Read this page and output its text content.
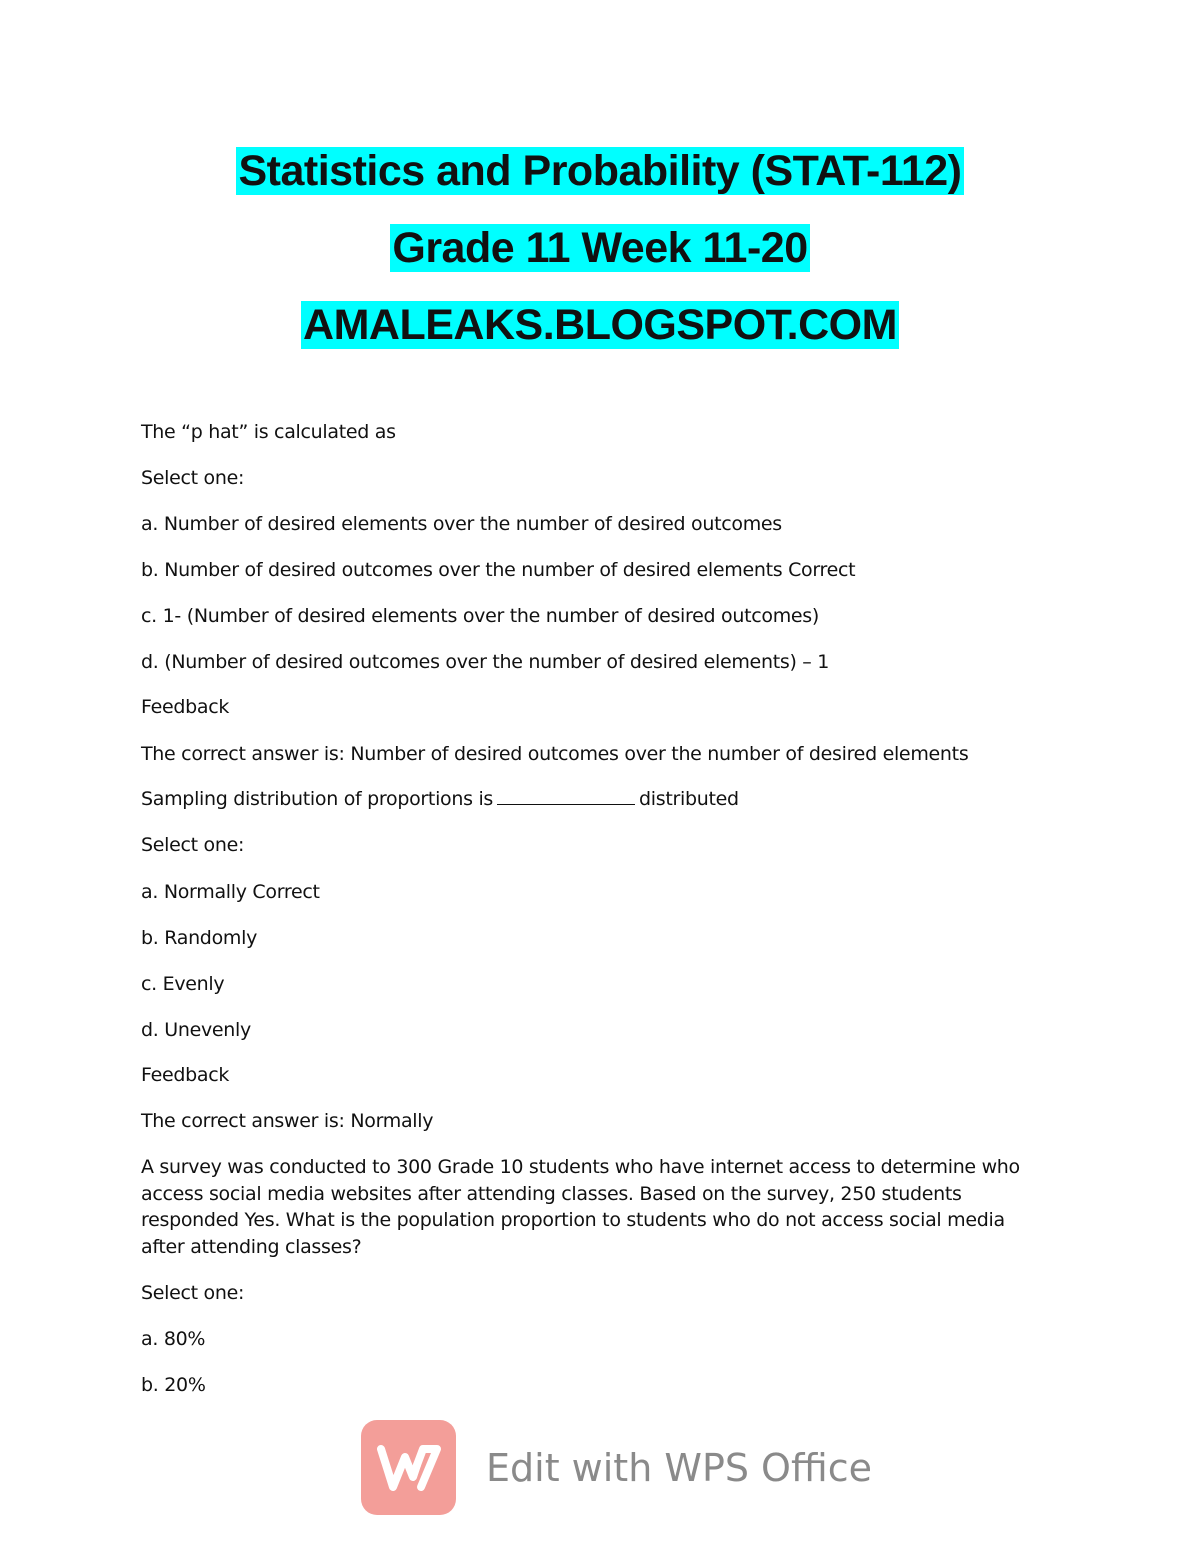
Statistics and Probability (STAT-112)
Grade 11 Week 11-20
AMALEAKS.BLOGSPOT.COM
The “p hat” is calculated as
Select one:
a. Number of desired elements over the number of desired outcomes
b. Number of desired outcomes over the number of desired elements Correct
c. 1- (Number of desired elements over the number of desired outcomes)
d. (Number of desired outcomes over the number of desired elements) – 1
Feedback
The correct answer is: Number of desired outcomes over the number of desired elements
Sampling distribution of proportions is	distributed
Select one:
a. Normally Correct
b. Randomly
c. Evenly
d. Unevenly
Feedback
The correct answer is: Normally
A survey was conducted to 300 Grade 10 students who have internet access to determine who access social media websites after attending classes. Based on the survey, 250 students responded Yes. What is the population proportion to students who do not access social media after attending classes?
Select one:
a. 80%
b. 20%
Edit with WPS Office
